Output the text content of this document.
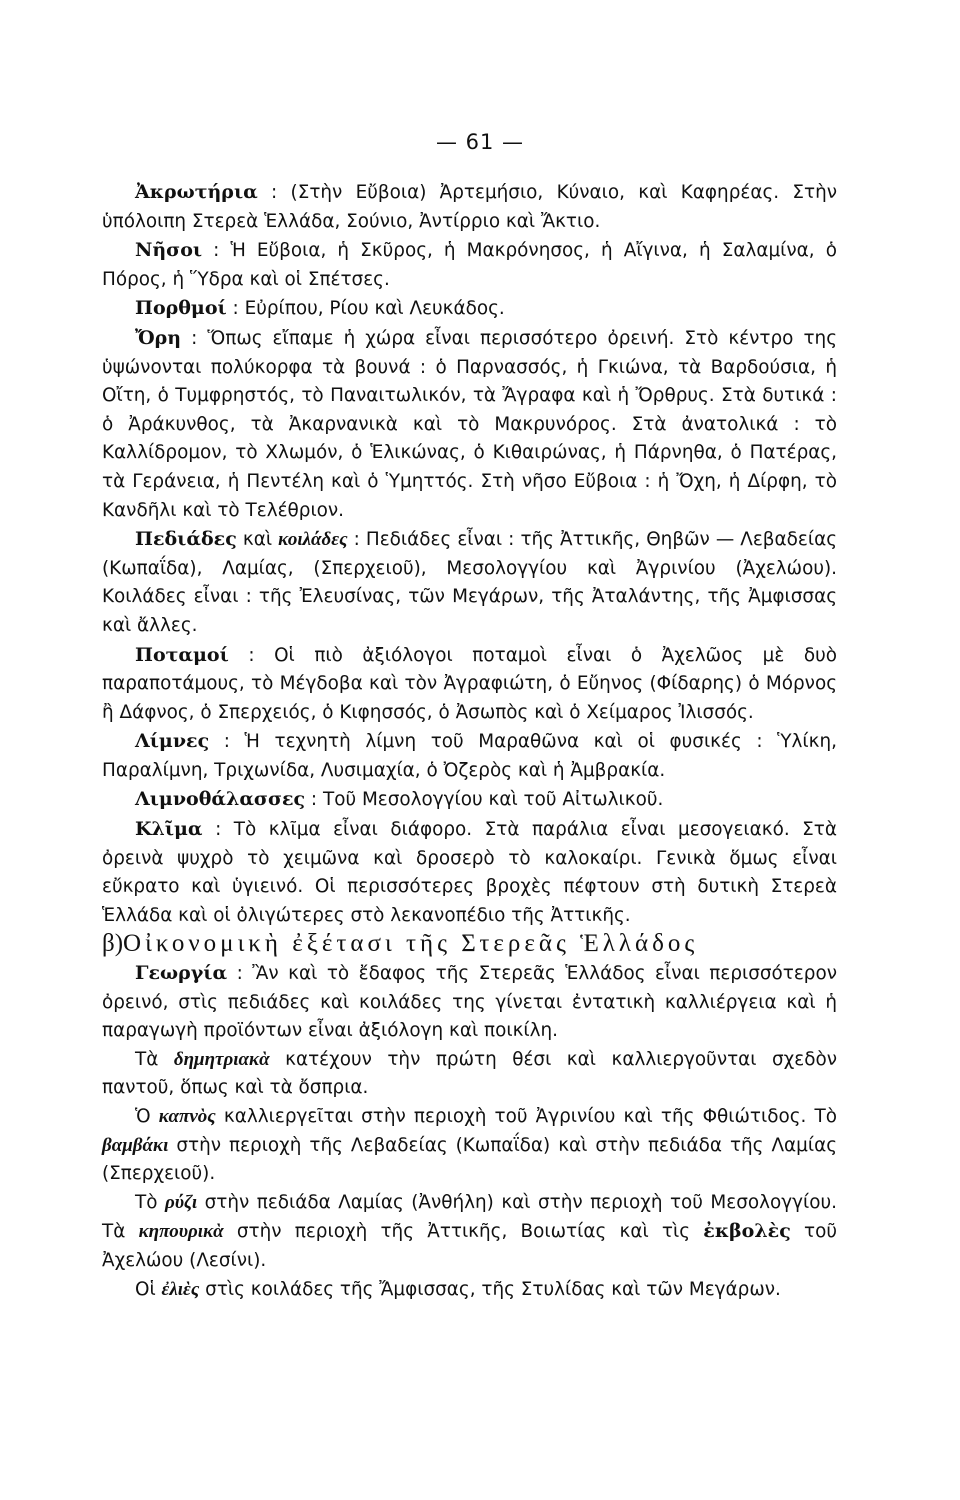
— 61 —

Ἀκρωτήρια : (Στὴν Εὔβοια) Ἀρτεμήσιο, Κύναιο, καὶ Καφηρέας. Στὴν ὑπόλοιπη Στερεὰ Ἑλλάδα, Σούνιο, Ἀντίρριο καὶ Ἄκτιο.

Νῆσοι : Ἡ Εὔβοια, ἡ Σκῦρος, ἡ Μακρόνησος, ἡ Αἴγινα, ἡ Σαλαμίνα, ὁ Πόρος, ἡ Ὕδρα καὶ οἱ Σπέτσες.

Πορθμοί : Εὐρίπου, Ρίου καὶ Λευκάδος.

Ὄρη : Ὅπως εἴπαμε ἡ χώρα εἶναι περισσότερο ὀρεινή. Στὸ κέντρο της ὑψώνονται πολύκορφα τὰ βουνά : ὁ Παρνασσός, ἡ Γκιώνα, τὰ Βαρδούσια, ἡ Οἴτη, ὁ Τυμφρηστός, τὸ Παναιτωλικόν, τὰ Ἄγραφα καὶ ἡ Ὄρθρυς. Στὰ δυτικά : ὁ Ἀράκυνθος, τὰ Ἀκαρνανικὰ καὶ τὸ Μακρυνόρος. Στὰ ἀνατολικά : τὸ Καλλίδρομον, τὸ Χλωμόν, ὁ Ἑλικώνας, ὁ Κιθαιρώνας, ἡ Πάρνηθα, ὁ Πατέρας, τὰ Γεράνεια, ἡ Πεντέλη καὶ ὁ Ὑμηττός. Στὴ νῆσο Εὔβοια : ἡ Ὄχη, ἡ Δίρφη, τὸ Κανδῆλι καὶ τὸ Τελέθριον.

Πεδιάδες καὶ κοιλάδες : Πεδιάδες εἶναι : τῆς Ἀττικῆς, Θηβῶν — Λεβαδείας (Κωπαΐδα), Λαμίας, (Σπερχειοῦ), Μεσολογγίου καὶ Ἀγρινίου (Ἀχελώου). Κοιλάδες εἶναι : τῆς Ἐλευσίνας, τῶν Μεγάρων, τῆς Ἀταλάντης, τῆς Ἀμφισσας καὶ ἄλλες.

Ποταμοί : Οἱ πιὸ ἀξιόλογοι ποταμοὶ εἶναι ὁ Ἀχελῶος μὲ δυὸ παραποτάμους, τὸ Μέγδοβα καὶ τὸν Ἀγραφιώτη, ὁ Εὔηνος (Φίδαρης) ὁ Μόρνος ἢ Δάφνος, ὁ Σπερχειός, ὁ Κιφησσός, ὁ Ἀσωπὸς καὶ ὁ Χείμαρος Ἰλισσός.

Λίμνες : Ἡ τεχνητὴ λίμνη τοῦ Μαραθῶνα καὶ οἱ φυσικές : Ὑλίκη, Παραλίμνη, Τριχωνίδα, Λυσιμαχία, ὁ Ὀζερὸς καὶ ἡ Ἀμβρακία.

Λιμνοθάλασσες : Τοῦ Μεσολογγίου καὶ τοῦ Αἰτωλικοῦ.

Κλῖμα : Τὸ κλῖμα εἶναι διάφορο. Στὰ παράλια εἶναι μεσογειακό. Στὰ ὀρεινὰ ψυχρὸ τὸ χειμῶνα καὶ δροσερὸ τὸ καλοκαίρι. Γενικὰ ὅμως εἶναι εὔκρατο καὶ ὑγιεινό. Οἱ περισσότερες βροχὲς πέφτουν στὴ δυτικὴ Στερεὰ Ἑλλάδα καὶ οἱ ὀλιγώτερες στὸ λεκανοπέδιο τῆς Ἀττικῆς.

β)Οἰκονομικὴ ἐξέτασι τῆς Στερεᾶς Ἑλλάδος

Γεωργία : Ἂν καὶ τὸ ἔδαφος τῆς Στερεᾶς Ἑλλάδος εἶναι περισσότερον ὀρεινό, στὶς πεδιάδες καὶ κοιλάδες της γίνεται ἐντατικὴ καλλιέργεια καὶ ἡ παραγωγὴ προϊόντων εἶναι ἀξιόλογη καὶ ποικίλη.

Τὰ δημητριακὰ κατέχουν τὴν πρώτη θέσι καὶ καλλιεργοῦνται σχεδὸν παντοῦ, ὅπως καὶ τὰ ὄσπρια.

Ὁ καπνὸς καλλιεργεῖται στὴν περιοχὴ τοῦ Ἀγρινίου καὶ τῆς Φθιώτιδος. Τὸ βαμβάκι στὴν περιοχὴ τῆς Λεβαδείας (Κωπαΐδα) καὶ στὴν πεδιάδα τῆς Λαμίας (Σπερχειοῦ).

Τὸ ρύζι στὴν πεδιάδα Λαμίας (Ἀνθήλη) καὶ στὴν περιοχὴ τοῦ Μεσολογγίου. Τὰ κηπουρικὰ στὴν περιοχὴ τῆς Ἀττικῆς, Βοιωτίας καὶ τὶς ἐκβολὲς τοῦ Ἀχελώου (Λεσίνι).

Οἱ ἐλιὲς στὶς κοιλάδες τῆς Ἄμφισσας, τῆς Στυλίδας καὶ τῶν Μεγάρων.
